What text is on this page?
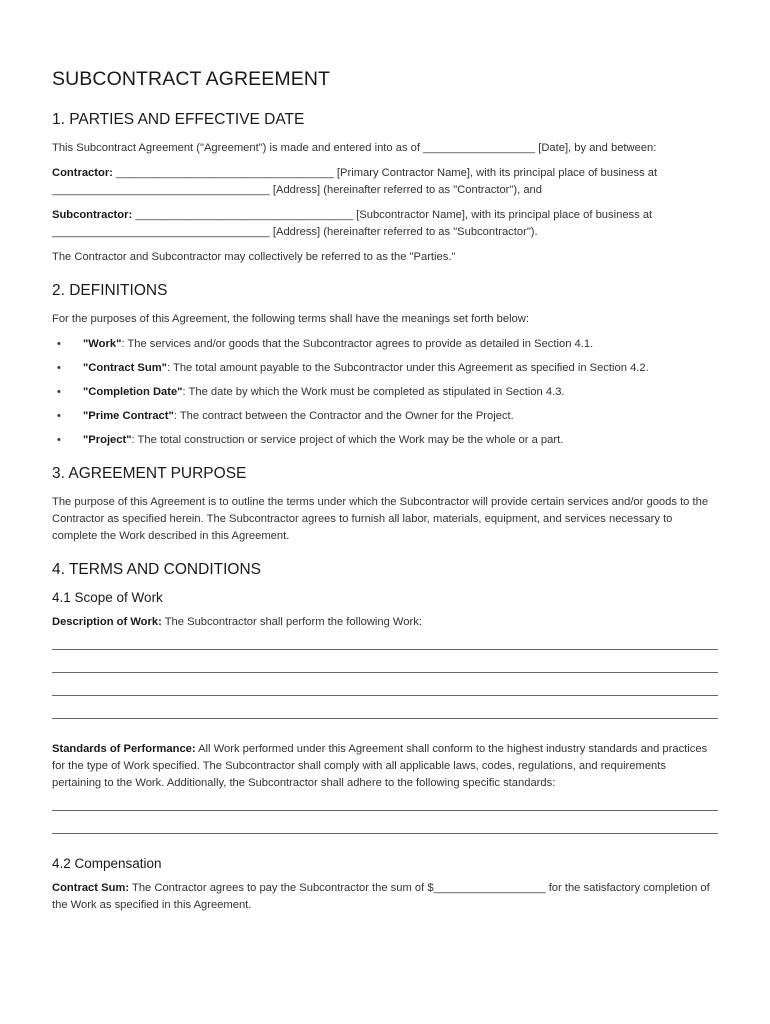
SUBCONTRACT AGREEMENT
1. PARTIES AND EFFECTIVE DATE

This Subcontract Agreement ("Agreement") is made and entered into as of __________________ [Date], by and between:

Contractor: ___________________________________ [Primary Contractor Name], with its principal place of business at ___________________________________ [Address] (hereinafter referred to as "Contractor"), and

Subcontractor: ___________________________________ [Subcontractor Name], with its principal place of business at ___________________________________ [Address] (hereinafter referred to as "Subcontractor").

The Contractor and Subcontractor may collectively be referred to as the "Parties."

2. DEFINITIONS

For the purposes of this Agreement, the following terms shall have the meanings set forth below:

• "Work": The services and/or goods that the Subcontractor agrees to provide as detailed in Section 4.1.
• "Contract Sum": The total amount payable to the Subcontractor under this Agreement as specified in Section 4.2.
• "Completion Date": The date by which the Work must be completed as stipulated in Section 4.3.
• "Prime Contract": The contract between the Contractor and the Owner for the Project.
• "Project": The total construction or service project of which the Work may be the whole or a part.
3. AGREEMENT PURPOSE

The purpose of this Agreement is to outline the terms under which the Subcontractor will provide certain services and/or goods to the Contractor as specified herein. The Subcontractor agrees to furnish all labor, materials, equipment, and services necessary to complete the Work described in this Agreement.

4. TERMS AND CONDITIONS
4.1 Scope of Work

Description of Work: The Subcontractor shall perform the following Work:

Standards of Performance: All Work performed under this Agreement shall conform to the highest industry standards and practices for the type of Work specified. The Subcontractor shall comply with all applicable laws, codes, regulations, and requirements pertaining to the Work. Additionally, the Subcontractor shall adhere to the following specific standards:

4.2 Compensation

Contract Sum: The Contractor agrees to pay the Subcontractor the sum of $__________________ for the satisfactory completion of the Work as specified in this Agreement.
